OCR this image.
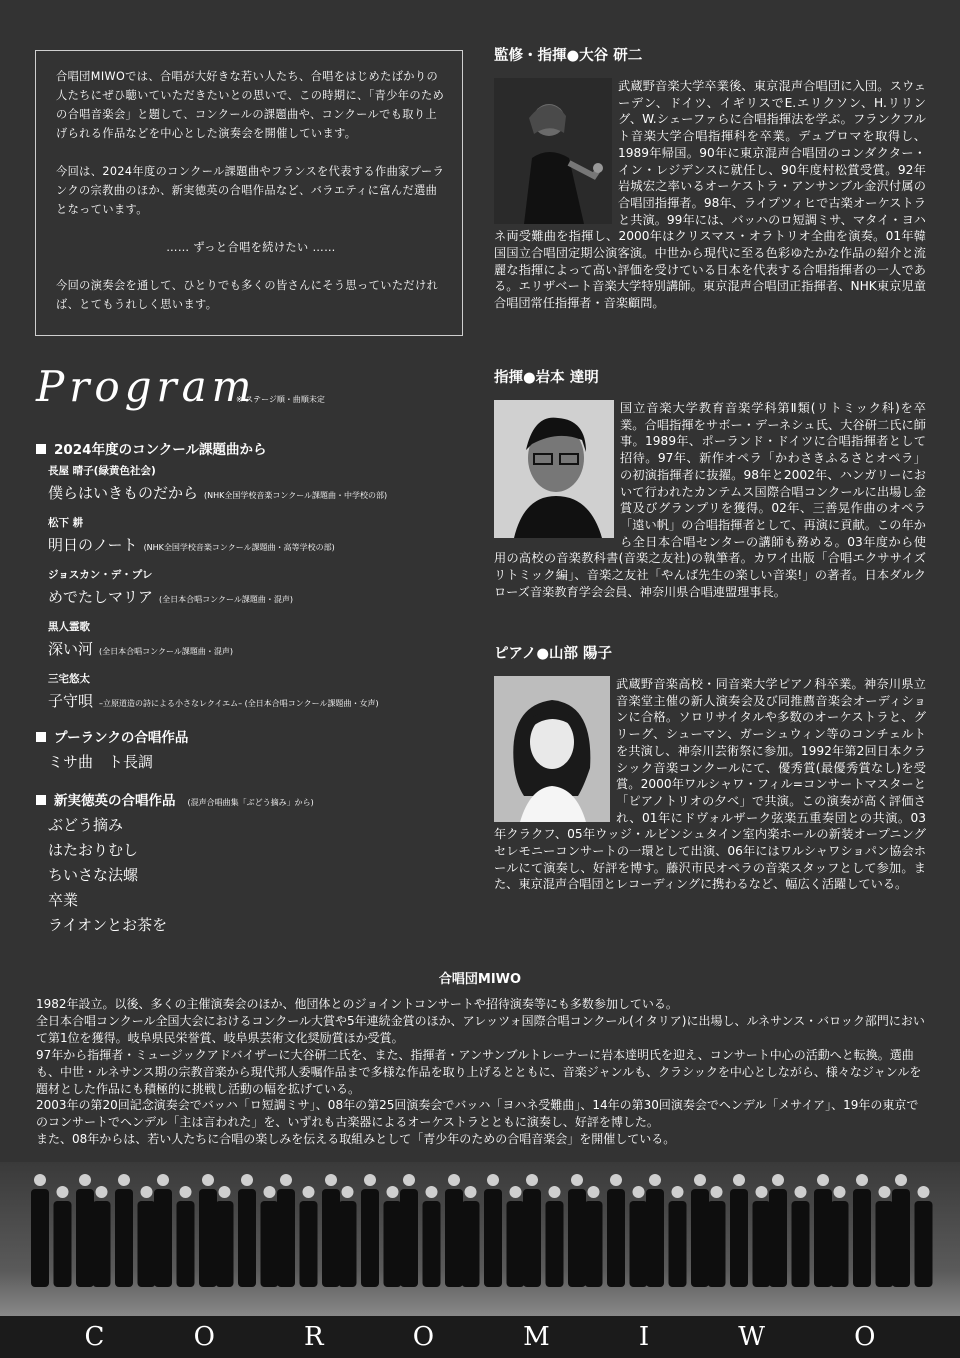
合唱団MIWOでは、合唱が大好きな若い人たち、合唱をはじめたばかりの人たちにぜひ聴いていただきたいとの思いで、この時期に、「青少年のための合唱音楽会」と題して、コンクールの課題曲や、コンクールでも取り上げられる作品などを中心とした演奏会を開催しています。

今回は、2024年度のコンクール課題曲やフランスを代表する作曲家プーランクの宗教曲のほか、新実徳英の合唱作品など、バラエティに富んだ選曲となっています。

…… ずっと合唱を続けたい ……

今回の演奏会を通して、ひとりでも多くの皆さんにそう思っていただければ、とてもうれしく思います。

Program
※ ステージ順・曲順未定
2024年度のコンクール課題曲から
長屋 晴子(緑黄色社会)
僕らはいきものだから (NHK全国学校音楽コンクール課題曲・中学校の部)
松下 耕
明日のノート (NHK全国学校音楽コンクール課題曲・高等学校の部)
ジョスカン・デ・プレ
めでたしマリア (全日本合唱コンクール課題曲・混声)
黒人霊歌
深い河 (全日本合唱コンクール課題曲・混声)
三宅悠太
子守唄 –立原道造の詩による小さなレクイエム– (全日本合唱コンクール課題曲・女声)
プーランクの合唱作品
ミサ曲　ト長調
新実徳英の合唱作品 (混声合唱曲集「ぶどう摘み」から)
ぶどう摘み
はたおりむし
ちいさな法螺
卒業
ライオンとお茶を
監修・指揮●大谷 研二
武蔵野音楽大学卒業後、東京混声合唱団に入団。スウェーデン、ドイツ、イギリスでE.エリクソン、H.リリング、W.シェーファらに合唱指揮法を学ぶ。フランクフルト音楽大学合唱指揮科を卒業。デュプロマを取得し、1989年帰国。90年に東京混声合唱団のコンダクター・イン・レジデンスに就任し、90年度村松賞受賞。92年岩城宏之率いるオーケストラ・アンサンブル金沢付属の合唱団指揮者。98年、ライプツィヒで古楽オーケストラと共演。99年には、バッハのロ短調ミサ、マタイ・ヨハネ両受難曲を指揮し、2000年はクリスマス・オラトリオ全曲を演奏。01年韓国国立合唱団定期公演客演。中世から現代に至る色彩ゆたかな作品の紹介と流麗な指揮によって高い評価を受けている日本を代表する合唱指揮者の一人である。エリザベート音楽大学特別講師。東京混声合唱団正指揮者、NHK東京児童合唱団常任指揮者・音楽顧問。
指揮●岩本 達明
国立音楽大学教育音楽学科第Ⅱ類(リトミック科)を卒業。合唱指揮をサボー・デーネシュ氏、大谷研二氏に師事。1989年、ポーランド・ドイツに合唱指揮者として招待。97年、新作オペラ「かわさきふるさとオペラ」の初演指揮者に抜擢。98年と2002年、ハンガリーにおいて行われたカンテムス国際合唱コンクールに出場し金賞及びグランプリを獲得。02年、三善晃作曲のオペラ「遠い帆」の合唱指揮者として、再演に貢献。この年から全日本合唱センターの講師も務める。03年度から使用の高校の音楽教科書(音楽之友社)の執筆者。カワイ出版「合唱エクササイズリトミック編」、音楽之友社「やんば先生の楽しい音楽!」の著者。日本ダルクローズ音楽教育学会会員、神奈川県合唱連盟理事長。
ピアノ●山部 陽子
武蔵野音楽高校・同音楽大学ピアノ科卒業。神奈川県立音楽堂主催の新人演奏会及び同推薦音楽会オーディションに合格。ソロリサイタルや多数のオーケストラと、グリーグ、シューマン、ガーシュウィン等のコンチェルトを共演し、神奈川芸術祭に参加。1992年第2回日本クラシック音楽コンクールにて、優秀賞(最優秀賞なし)を受賞。2000年ワルシャワ・フィル=コンサートマスターと「ピアノトリオの夕べ」で共演。この演奏が高く評価され、01年にドヴォルザーク弦楽五重奏団との共演。03年クラクフ、05年ウッジ・ルビンシュタイン室内楽ホールの新装オープニングセレモニーコンサートの一環として出演、06年にはワルシャワショパン協会ホールにて演奏し、好評を博す。藤沢市民オペラの音楽スタッフとして参加。また、東京混声合唱団とレコーディングに携わるなど、幅広く活躍している。
合唱団MIWO
1982年設立。以後、多くの主催演奏会のほか、他団体とのジョイントコンサートや招待演奏等にも多数参加している。
全日本合唱コンクール全国大会におけるコンクール大賞や5年連続金賞のほか、アレッツォ国際合唱コンクール(イタリア)に出場し、ルネサンス・バロック部門において第1位を獲得。岐阜県民栄誉賞、岐阜県芸術文化奨励賞ほか受賞。
97年から指揮者・ミュージックアドバイザーに大谷研二氏を、また、指揮者・アンサンブルトレーナーに岩本達明氏を迎え、コンサート中心の活動へと転換。選曲も、中世・ルネサンス期の宗教音楽から現代邦人委嘱作品まで多様な作品を取り上げるとともに、音楽ジャンルも、クラシックを中心としながら、様々なジャンルを題材とした作品にも積極的に挑戦し活動の幅を拡げている。
2003年の第20回記念演奏会でバッハ「ロ短調ミサ」、08年の第25回演奏会でバッハ「ヨハネ受難曲」、14年の第30回演奏会でヘンデル「メサイア」、19年の東京でのコンサートでヘンデル「主は言われた」を、いずれも古楽器によるオーケストラとともに演奏し、好評を博した。
また、08年からは、若い人たちに合唱の楽しみを伝える取組みとして「青少年のための合唱音楽会」を開催している。
C	O	R	O	M	I	W	O
